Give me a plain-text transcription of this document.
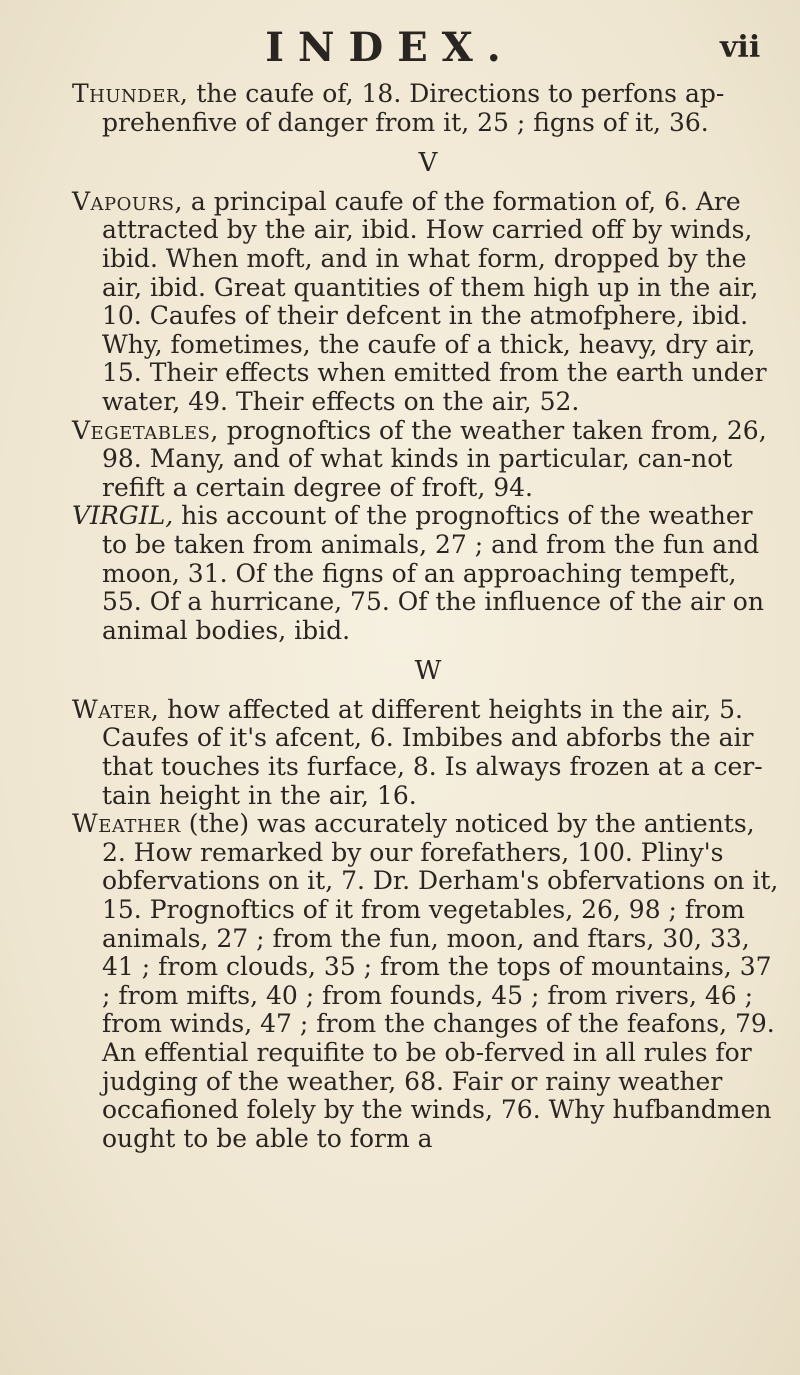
INDEX.	vii

Thunder, the caufe of, 18. Directions to perfons ap-prehenfive of danger from it, 25 ; figns of it, 36.

V

Vapours, a principal caufe of the formation of, 6. Are attracted by the air, ibid. How carried off by winds, ibid. When moft, and in what form, dropped by the air, ibid. Great quantities of them high up in the air, 10. Caufes of their defcent in the atmofphere, ibid. Why, fometimes, the caufe of a thick, heavy, dry air, 15. Their effects when emitted from the earth under water, 49. Their effects on the air, 52.

Vegetables, prognoftics of the weather taken from, 26, 98. Many, and of what kinds in particular, can-not refift a certain degree of froft, 94.

VIRGIL, his account of the prognoftics of the weather to be taken from animals, 27 ; and from the fun and moon, 31. Of the figns of an approaching tempeft, 55. Of a hurricane, 75. Of the influence of the air on animal bodies, ibid.

W

Water, how affected at different heights in the air, 5. Caufes of it's afcent, 6. Imbibes and abforbs the air that touches its furface, 8. Is always frozen at a cer-tain height in the air, 16.

Weather (the) was accurately noticed by the antients, 2. How remarked by our forefathers, 100. Pliny's obfervations on it, 7. Dr. Derham's obfervations on it, 15. Prognoftics of it from vegetables, 26, 98 ; from animals, 27 ; from the fun, moon, and ftars, 30, 33, 41 ; from clouds, 35 ; from the tops of mountains, 37 ; from mifts, 40 ; from founds, 45 ; from rivers, 46 ; from winds, 47 ; from the changes of the feafons, 79. An effential requifite to be ob-ferved in all rules for judging of the weather, 68. Fair or rainy weather occafioned folely by the winds, 76. Why hufbandmen ought to be able to form a
